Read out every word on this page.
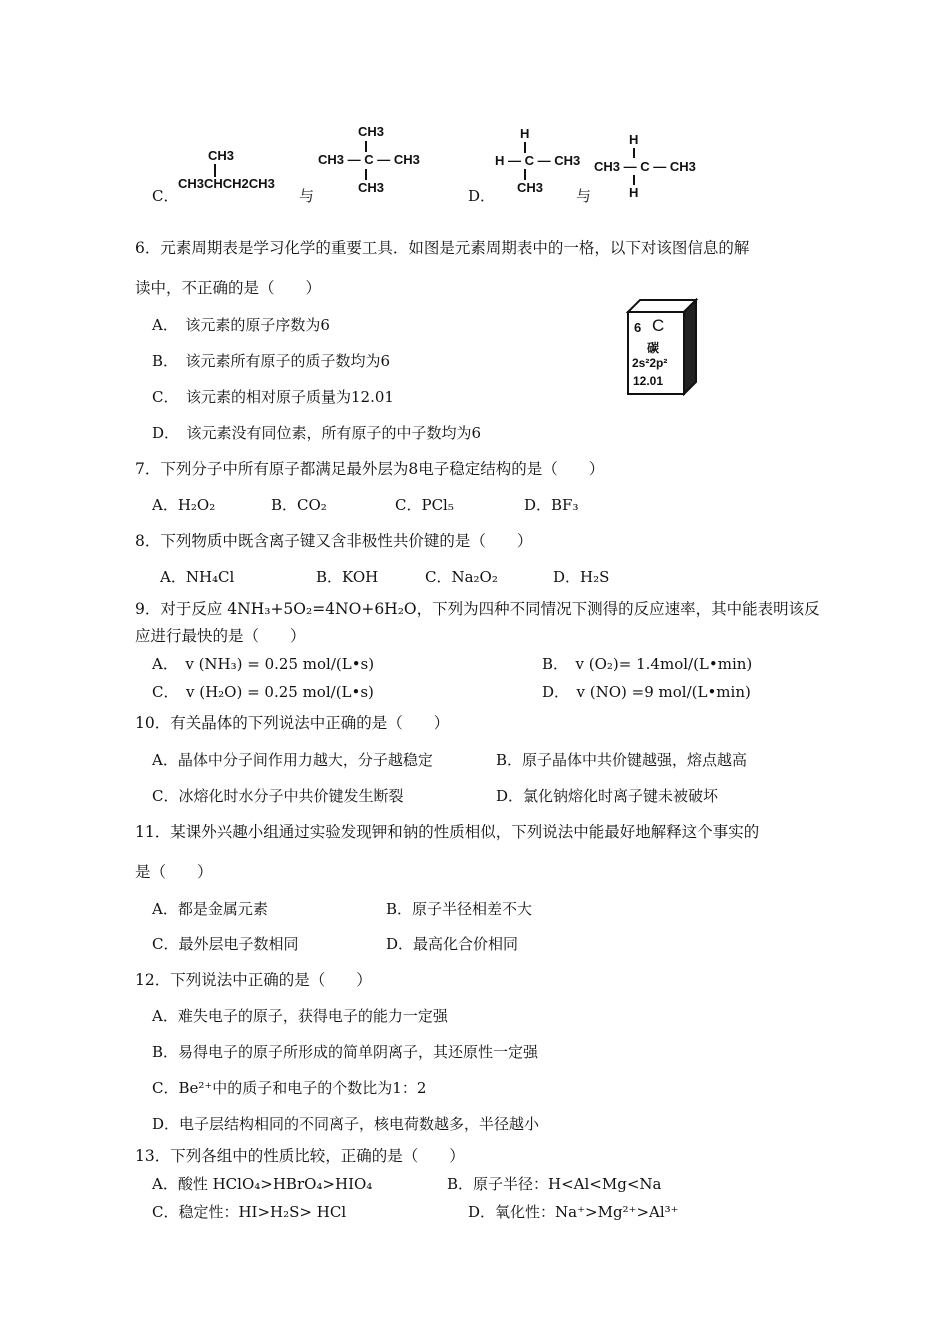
C．
CH3
CH3CHCH2CH3
与
CH3
CH3 — C — CH3
CH3	D．
H
H — C — CH3
CH3 与
H
CH3 — C — CH3
H
6．元素周期表是学习化学的重要工具．如图是元素周期表中的一格，以下对该图信息的解
读中，不正确的是（　　）
A．　该元素的原子序数为6
B．　该元素所有原子的质子数均为6
C．　该元素的相对原子质量为12.01
D．　该元素没有同位素，所有原子的中子数均为6
6 C
碳
2s²2p²
12.01
7．下列分子中所有原子都满足最外层为8电子稳定结构的是（　　）
A．H₂O₂	B．CO₂	C．PCl₅	D．BF₃
8．下列物质中既含离子键又含非极性共价键的是（　　）
A．NH₄Cl	B．KOH	C．Na₂O₂	D．H₂S
9．对于反应 4NH₃+5O₂=4NO+6H₂O，下列为四种不同情况下测得的反应速率，其中能表明该反
应进行最快的是（　　）
A．　v (NH₃) = 0.25 mol/(L•s)	B．　v (O₂)= 1.4mol/(L•min)
C．　v (H₂O) = 0.25 mol/(L•s)	D．　v (NO) =9 mol/(L•min)
10．有关晶体的下列说法中正确的是（　　）
A．晶体中分子间作用力越大，分子越稳定	B．原子晶体中共价键越强，熔点越高
C．冰熔化时水分子中共价键发生断裂	D．氯化钠熔化时离子键未被破坏
11．某课外兴趣小组通过实验发现钾和钠的性质相似，下列说法中能最好地解释这个事实的
是（　　）
A．都是金属元素	B．原子半径相差不大
C．最外层电子数相同	D．最高化合价相同
12．下列说法中正确的是（　　）
A．难失电子的原子，获得电子的能力一定强
B．易得电子的原子所形成的简单阴离子，其还原性一定强
C．Be²⁺中的质子和电子的个数比为1：2
D．电子层结构相同的不同离子，核电荷数越多，半径越小
13．下列各组中的性质比较，正确的是（　　）
A．酸性 HClO₄>HBrO₄>HIO₄	B．原子半径：H<Al<Mg<Na
C．稳定性：HI>H₂S> HCl	D．氧化性：Na⁺>Mg²⁺>Al³⁺
